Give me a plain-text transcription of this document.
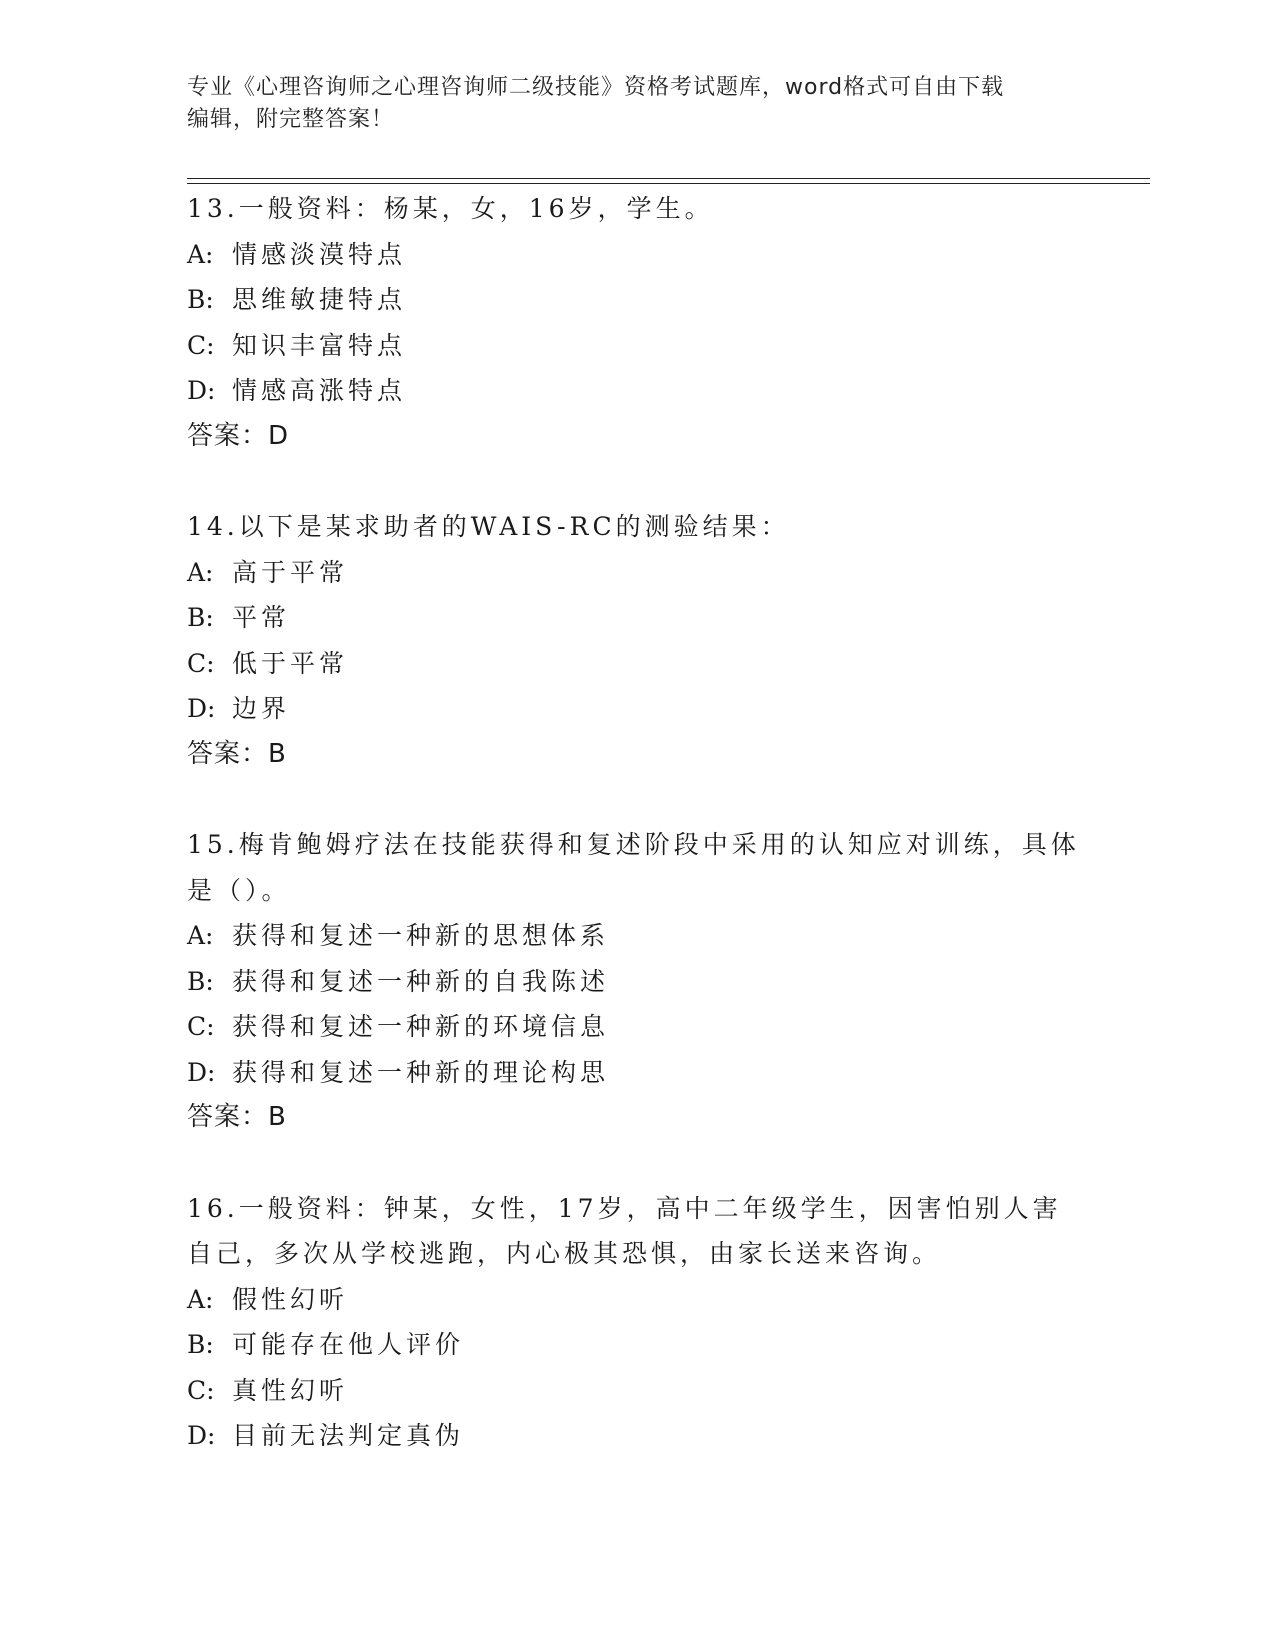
专业《心理咨询师之心理咨询师二级技能》资格考试题库，word格式可自由下载
编辑，附完整答案！

13.一般资料：杨某，女，16岁，学生。

A: 情感淡漠特点

B: 思维敏捷特点

C: 知识丰富特点

D: 情感高涨特点

答案：D

14.以下是某求助者的WAIS-RC的测验结果：

A: 高于平常

B: 平常

C: 低于平常

D: 边界

答案：B

15.梅肯鲍姆疗法在技能获得和复述阶段中采用的认知应对训练，具体是（）。

A: 获得和复述一种新的思想体系

B: 获得和复述一种新的自我陈述

C: 获得和复述一种新的环境信息

D: 获得和复述一种新的理论构思

答案：B

16.一般资料：钟某，女性，17岁，高中二年级学生，因害怕别人害自己，多次从学校逃跑，内心极其恐惧，由家长送来咨询。

A: 假性幻听

B: 可能存在他人评价

C: 真性幻听

D: 目前无法判定真伪
